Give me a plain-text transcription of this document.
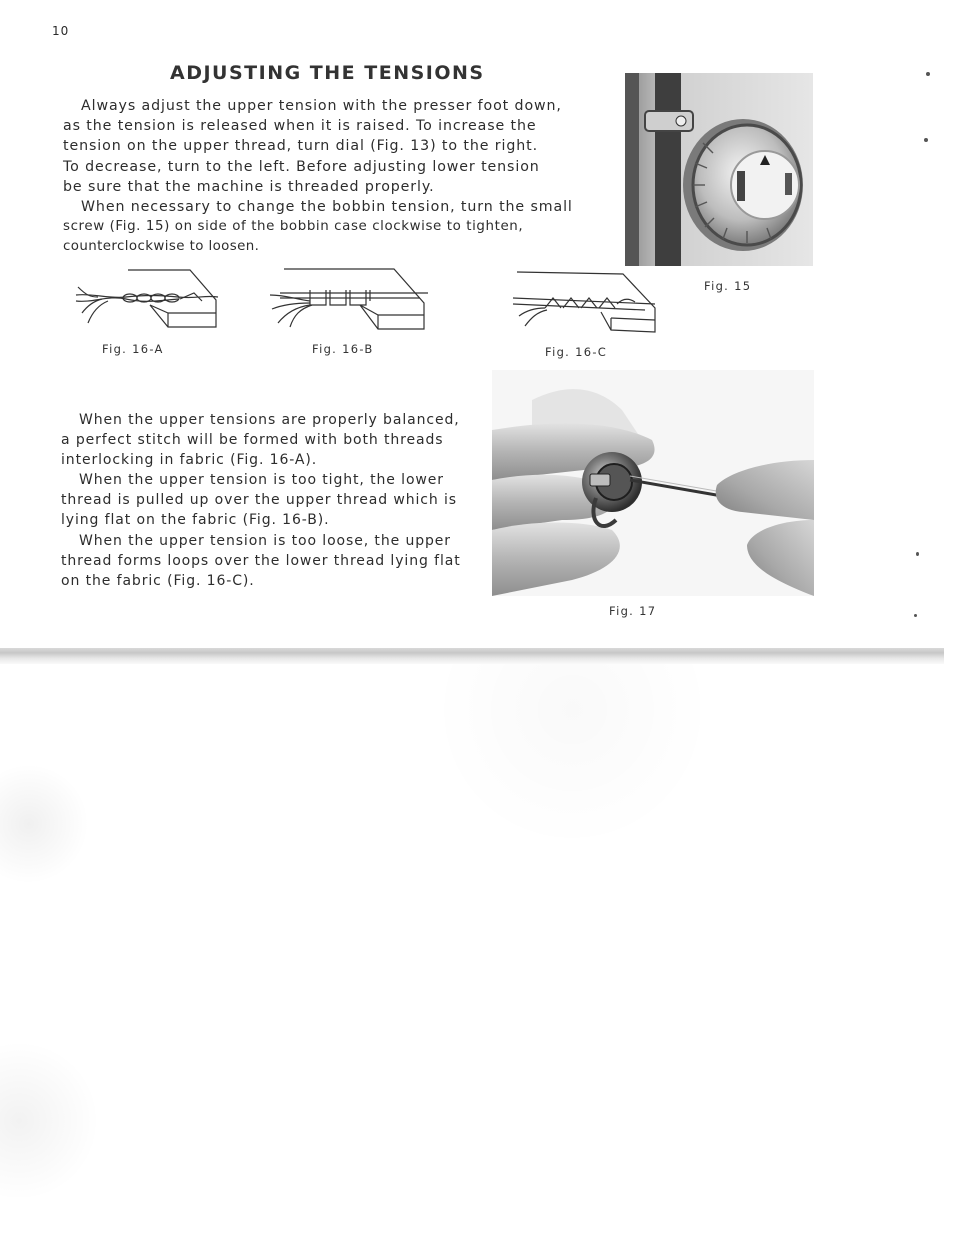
10
ADJUSTING THE TENSIONS

Always adjust the upper tension with the presser foot down,
as the tension is released when it is raised. To increase the
tension on the upper thread, turn dial (Fig. 13) to the right.
To decrease, turn to the left. Before adjusting lower tension
be sure that the machine is threaded properly.

When necessary to change the bobbin tension, turn the small
screw (Fig. 15) on side of the bobbin case clockwise to tighten,
counterclockwise to loosen.

Fig. 15
Fig. 16-A	Fig. 16-B	Fig. 16-C

When the upper tensions are properly balanced,
a perfect stitch will be formed with both threads
interlocking in fabric (Fig. 16-A).

When the upper tension is too tight, the lower
thread is pulled up over the upper thread which is
lying flat on the fabric (Fig. 16-B).

When the upper tension is too loose, the upper
thread forms loops over the lower thread lying flat
on the fabric (Fig. 16-C).

Fig. 17
